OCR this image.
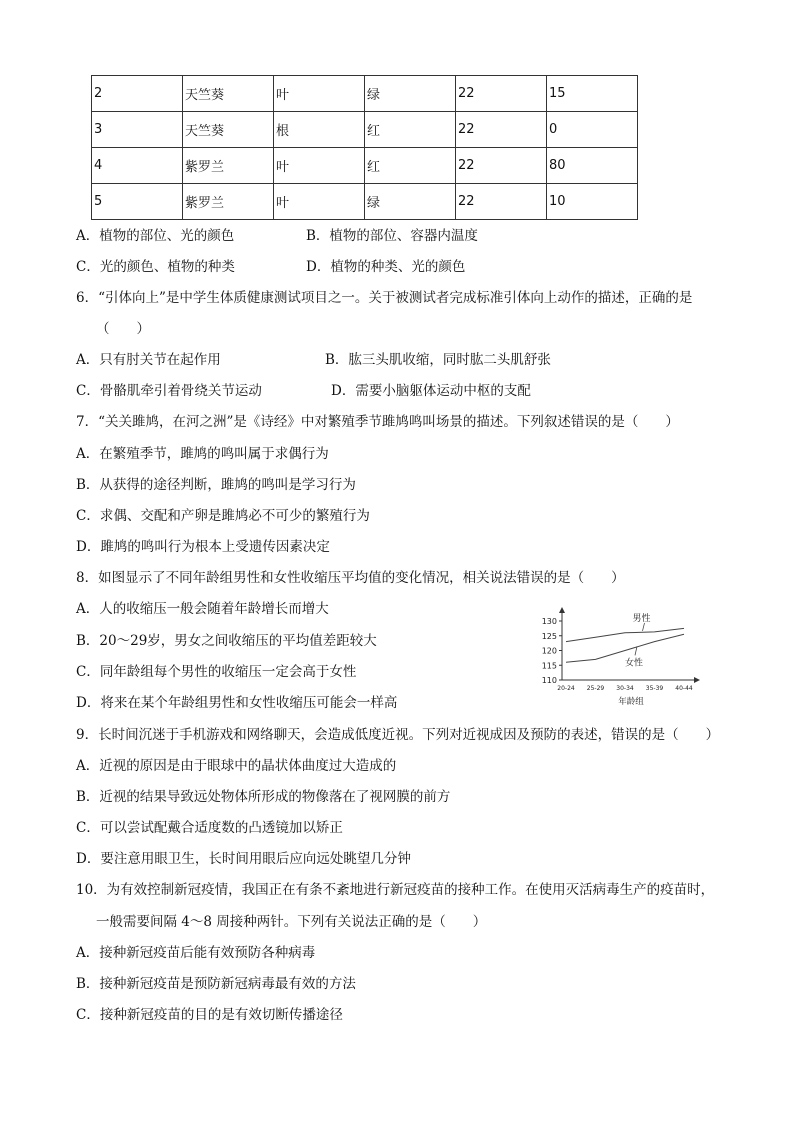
2	天竺葵	叶	绿	22	15
3	天竺葵	根	红	22	0
4	紫罗兰	叶	红	22	80
5	紫罗兰	叶	绿	22	10
A．植物的部位、光的颜色	B．植物的部位、容器内温度
C．光的颜色、植物的种类	D．植物的种类、光的颜色
6．“引体向上”是中学生体质健康测试项目之一。关于被测试者完成标准引体向上动作的描述，正确的是
（　　）
A．只有肘关节在起作用	B．肱三头肌收缩，同时肱二头肌舒张
C．骨骼肌牵引着骨绕关节运动	D．需要小脑躯体运动中枢的支配
7．“关关雎鸠，在河之洲”是《诗经》中对繁殖季节雎鸠鸣叫场景的描述。下列叙述错误的是（　　）
A．在繁殖季节，雎鸠的鸣叫属于求偶行为
B．从获得的途径判断，雎鸠的鸣叫是学习行为
C．求偶、交配和产卵是雎鸠必不可少的繁殖行为
D．雎鸠的鸣叫行为根本上受遗传因素决定
8．如图显示了不同年龄组男性和女性收缩压平均值的变化情况，相关说法错误的是（　　）
A．人的收缩压一般会随着年龄增长而增大
B．20～29岁，男女之间收缩压的平均值差距较大
C．同年龄组每个男性的收缩压一定会高于女性
D．将来在某个年龄组男性和女性收缩压可能会一样高
110
115
120
125
130
20-24 25-29 30-34 35-39 40-44
年龄组
男性
女性
9．长时间沉迷于手机游戏和网络聊天，会造成低度近视。下列对近视成因及预防的表述，错误的是（　　）
A．近视的原因是由于眼球中的晶状体曲度过大造成的
B．近视的结果导致远处物体所形成的物像落在了视网膜的前方
C．可以尝试配戴合适度数的凸透镜加以矫正
D．要注意用眼卫生，长时间用眼后应向远处眺望几分钟
10．为有效控制新冠疫情，我国正在有条不紊地进行新冠疫苗的接种工作。在使用灭活病毒生产的疫苗时，
一般需要间隔 4～8 周接种两针。下列有关说法正确的是（　　）
A．接种新冠疫苗后能有效预防各种病毒
B．接种新冠疫苗是预防新冠病毒最有效的方法
C．接种新冠疫苗的目的是有效切断传播途径
